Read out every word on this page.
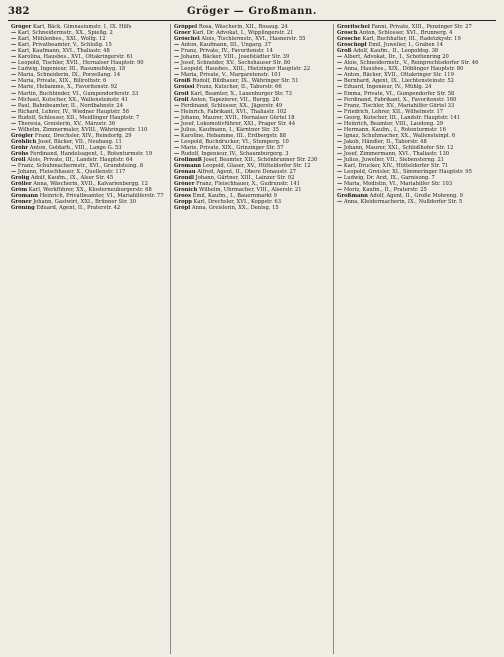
382	Gröger — Großmann.
Gröger Karl, Bäck. Gimnasiumstr. 1, IX. Hilfs
— Karl, Schneidermstr., XX., Spießg. 2
— Karl, Mühlenbes., XXI., Wolfg. 12
— Karl, Privatbeamter, V., Schloßg. 15
— Karl, Kaufmann, XVI., Thaliastr. 48
— Karolina, Hausbes., XVI., Ottakringerstr. 61
— Leopold, Tischler, XVII., Hernalser Hauptstr. 90
— Ludwig, Ingenieur, III., Rasumofskyg. 18
— Maria, Schneiderin, IX., Porzellang. 14
— Maria, Private, XIX., Billrothstr. 6
— Marie, Hebamme, X., Favoritenstr. 92
— Martin, Buchbinder, VI., Gumpendorferstr. 33
— Michael, Kutscher, XX., Wallensteinstr. 41
— Paul, Bahnbeamter, II., Nordbahnstr. 24
— Richard, Lehrer, IV., Wiedner Hauptstr. 58
— Rudolf, Schlosser, XII., Meidlinger Hauptstr. 7
— Theresia, Greislerin, XV., Märzstr. 36
— Wilhelm, Zimmermaler, XVIII., Währingerstr. 110
Grögler Franz, Drechsler, XIV., Reindorfg. 29
Gröhlich Josef, Bäcker, VII., Neubaug. 11
Gröhr Anton, Goldarb., VIII., Lange G. 53
Gröhs Ferdinand, Handelsagent, I., Rotenturmstr. 19
Gröll Alois, Private, III., Landstr. Hauptstr. 64
— Franz, Schuhmachermstr., XVI., Grundsteing. 8
— Johann, Fleischhauer, X., Quellenstr. 117
Grolig Adolf, Kaufm., IX., Alser Str. 45
Gröller Anna, Wäscherin, XVII., Kalvarienbergg. 12
Gröm Karl, Werkführer, XX., Klosterneuburgerstr. 68
Gromann Heinrich, Privatbeamter, VI., Mariahilferstr. 77
Groner Johann, Gastwirt, XXI., Brünner Str. 30
Gröning Eduard, Agent, II., Praterstr. 42
Gröppel Rosa, Wäscherin, XII., Rosaug. 24
Groer Karl, Dr. Advokat, I., Wipplingerstr. 21
Gröschel Alois, Tischlermstr., XVI., Hasnerstr. 55
— Anton, Kaufmann, III., Ungarg. 37
— Franz, Private, IV., Favoritenstr. 14
— Johann, Bäcker, VIII., Josefstädter Str. 39
— Josef, Schneider, XV., Sechshauser Str. 80
— Leopold, Hausbes., XIII., Hietzinger Hauptstr. 22
— Maria, Private, V., Margaretenstr. 101
Groiß Rudolf, Bildhauer, IX., Währinger Str. 51
Groissl Franz, Kutscher, II., Taborstr. 66
Groit Karl, Beamter, X., Laxenburger Str. 73
Groll Anton, Tapezierer, VII., Burgg. 26
— Ferdinand, Schlosser, XX., Jägerstr. 49
— Heinrich, Fabrikant, XVI., Thaliastr. 102
— Johann, Maurer, XVII., Hernalser Gürtel 18
— Josef, Lokomotivführer, XXI., Prager Str. 44
— Julius, Kaufmann, I., Kärntner Str. 35
— Karoline, Hebamme, III., Erdbergstr. 88
— Leopold, Buchdrucker, VI., Stumperg. 10
— Marie, Private, XIX., Grinzinger Str. 57
— Rudolf, Ingenieur, IV., Schaumburgerg. 3
Grollmuß Josef, Beamter, XII., Schönbrunner Str. 230
Gromann Leopold, Glaser, XV., Hütteldorfer Str. 12
Gronau Alfred, Agent, II., Obere Donaustr. 27
Grondl Johann, Gärtner, XIII., Lainzer Str. 92
Gröner Franz, Fleischhauer, X., Gudrunstr. 141
Gronich Wilhelm, Uhrmacher, VIII., Alserstr. 21
Groos Emil, Kaufm., I., Bauernmarkt 9
Gropp Karl, Drechsler, XVI., Koppstr. 63
Gröpl Anna, Greislerin, XX., Denisg. 15
Groritschel Fanni, Private, XIII., Penzinger Str. 27
Grosch Anton, Schlosser, XVI., Brunnerg. 4
Grosche Karl, Buchhalter, III., Radetzkystr. 19
Groschopf Emil, Juwelier, I., Graben 14
Groß Adolf, Kaufm., II., Leopoldsg. 38
— Albert, Advokat, Dr., I., Schottenring 20
— Alois, Schneidermstr., V., Reinprechtsdorfer Str. 46
— Anna, Hausbes., XIX., Döblinger Hauptstr. 80
— Anton, Bäcker, XVII., Ottakringer Str. 119
— Bernhard, Agent, IX., Liechtensteinstr. 52
— Eduard, Ingenieur, IV., Mühlg. 24
— Emma, Private, VI., Gumpendorfer Str. 58
— Ferdinand, Fabrikant, X., Favoritenstr. 160
— Franz, Tischler, XV., Mariahilfer Gürtel 33
— Friedrich, Lehrer, XII., Wilhelmstr. 17
— Georg, Kutscher, III., Landstr. Hauptstr. 141
— Heinrich, Beamter, VIII., Laudong. 29
— Hermann, Kaufm., I., Rotenturmstr. 16
— Ignaz, Schuhmacher, XX., Wallensteinpl. 6
— Jakob, Händler, II., Taborstr. 48
— Johann, Maurer, XXI., Schloßhofer Str. 12
— Josef, Zimmermann, XVI., Thaliastr. 130
— Julius, Juwelier, VII., Siebensterng. 21
— Karl, Drucker, XIV., Hütteldorfer Str. 71
— Leopold, Greisler, XI., Simmeringer Hauptstr. 95
— Ludwig, Dr. Arzt, IX., Garnisong. 7
— Maria, Modistin, VI., Mariahilfer Str. 103
— Moriz, Kaufm., II., Praterstr. 25
Großmann Adolf, Agent, II., Große Mohreng. 9
— Anna, Kleidermacherin, IX., Nußdorfer Str. 5
